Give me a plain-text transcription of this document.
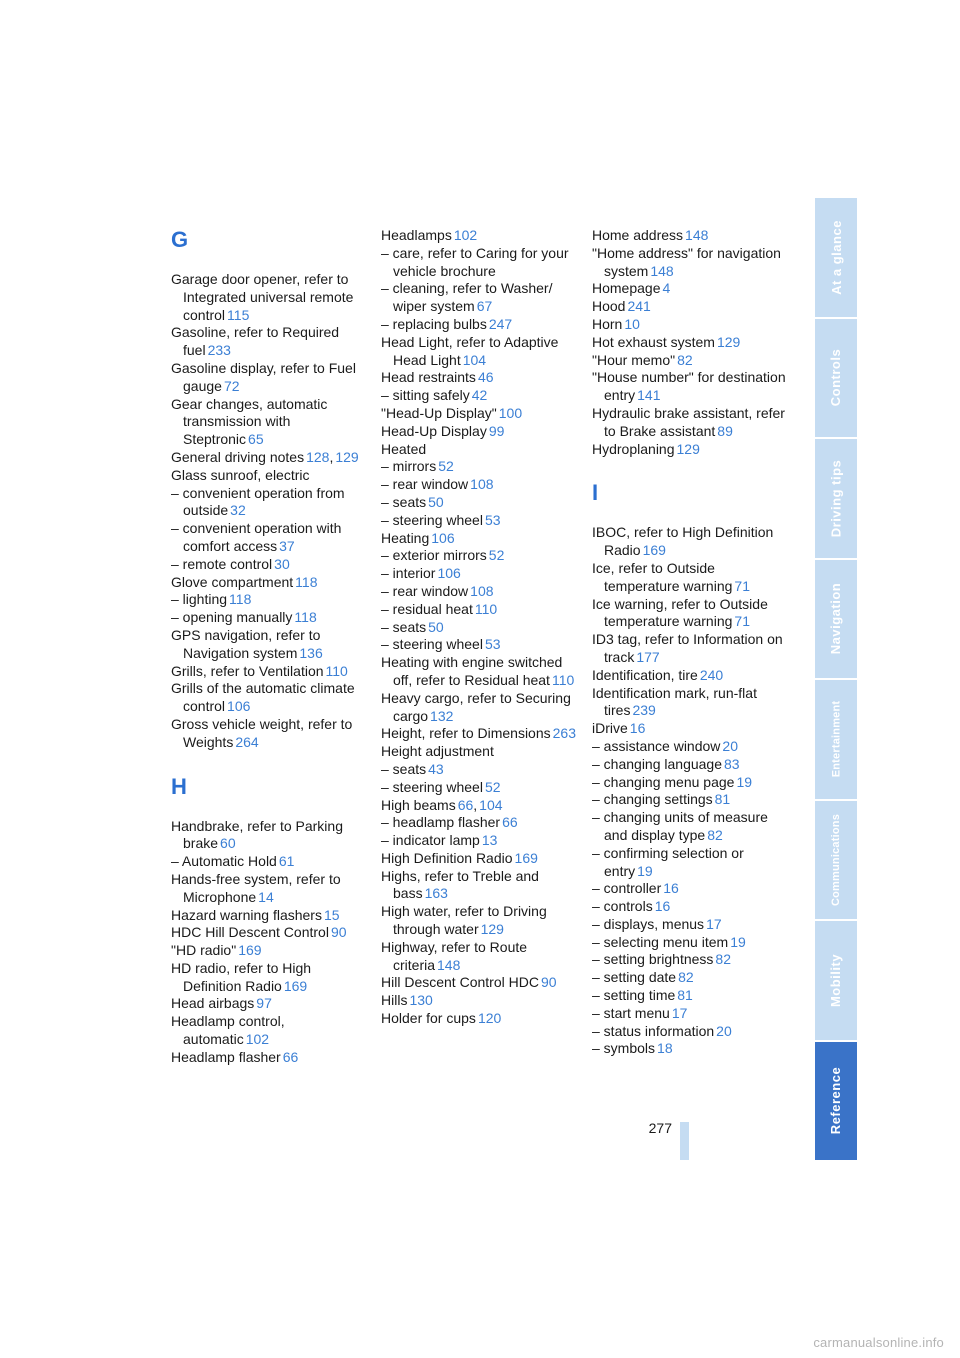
G
Garage door opener, refer to Integrated universal remote control 115
Gasoline, refer to Required fuel 233
Gasoline display, refer to Fuel gauge 72
Gear changes, automatic transmission with Steptronic 65
General driving notes 128, 129
Glass sunroof, electric
– convenient operation from outside 32
– convenient operation with comfort access 37
– remote control 30
Glove compartment 118
– lighting 118
– opening manually 118
GPS navigation, refer to Navigation system 136
Grills, refer to Ventilation 110
Grills of the automatic climate control 106
Gross vehicle weight, refer to Weights 264
H
Handbrake, refer to Parking brake 60
– Automatic Hold 61
Hands-free system, refer to Microphone 14
Hazard warning flashers 15
HDC Hill Descent Control 90
"HD radio" 169
HD radio, refer to High Definition Radio 169
Head airbags 97
Headlamp control, automatic 102
Headlamp flasher 66
Headlamps 102
– care, refer to Caring for your vehicle brochure
– cleaning, refer to Washer/ wiper system 67
– replacing bulbs 247
Head Light, refer to Adaptive Head Light 104
Head restraints 46
– sitting safely 42
"Head-Up Display" 100
Head-Up Display 99
Heated
– mirrors 52
– rear window 108
– seats 50
– steering wheel 53
Heating 106
– exterior mirrors 52
– interior 106
– rear window 108
– residual heat 110
– seats 50
– steering wheel 53
Heating with engine switched off, refer to Residual heat 110
Heavy cargo, refer to Securing cargo 132
Height, refer to Dimensions 263
Height adjustment
– seats 43
– steering wheel 52
High beams 66, 104
– headlamp flasher 66
– indicator lamp 13
High Definition Radio 169
Highs, refer to Treble and bass 163
High water, refer to Driving through water 129
Highway, refer to Route criteria 148
Hill Descent Control HDC 90
Hills 130
Holder for cups 120
Home address 148
"Home address" for navigation system 148
Homepage 4
Hood 241
Horn 10
Hot exhaust system 129
"Hour memo" 82
"House number" for destination entry 141
Hydraulic brake assistant, refer to Brake assistant 89
Hydroplaning 129
I
IBOC, refer to High Definition Radio 169
Ice, refer to Outside temperature warning 71
Ice warning, refer to Outside temperature warning 71
ID3 tag, refer to Information on track 177
Identification, tire 240
Identification mark, run-flat tires 239
iDrive 16
– assistance window 20
– changing language 83
– changing menu page 19
– changing settings 81
– changing units of measure and display type 82
– confirming selection or entry 19
– controller 16
– controls 16
– displays, menus 17
– selecting menu item 19
– setting brightness 82
– setting date 82
– setting time 81
– start menu 17
– status information 20
– symbols 18
At a glance
Controls
Driving tips
Navigation
Entertainment
Communications
Mobility
Reference
277
carmanualsonline.info
